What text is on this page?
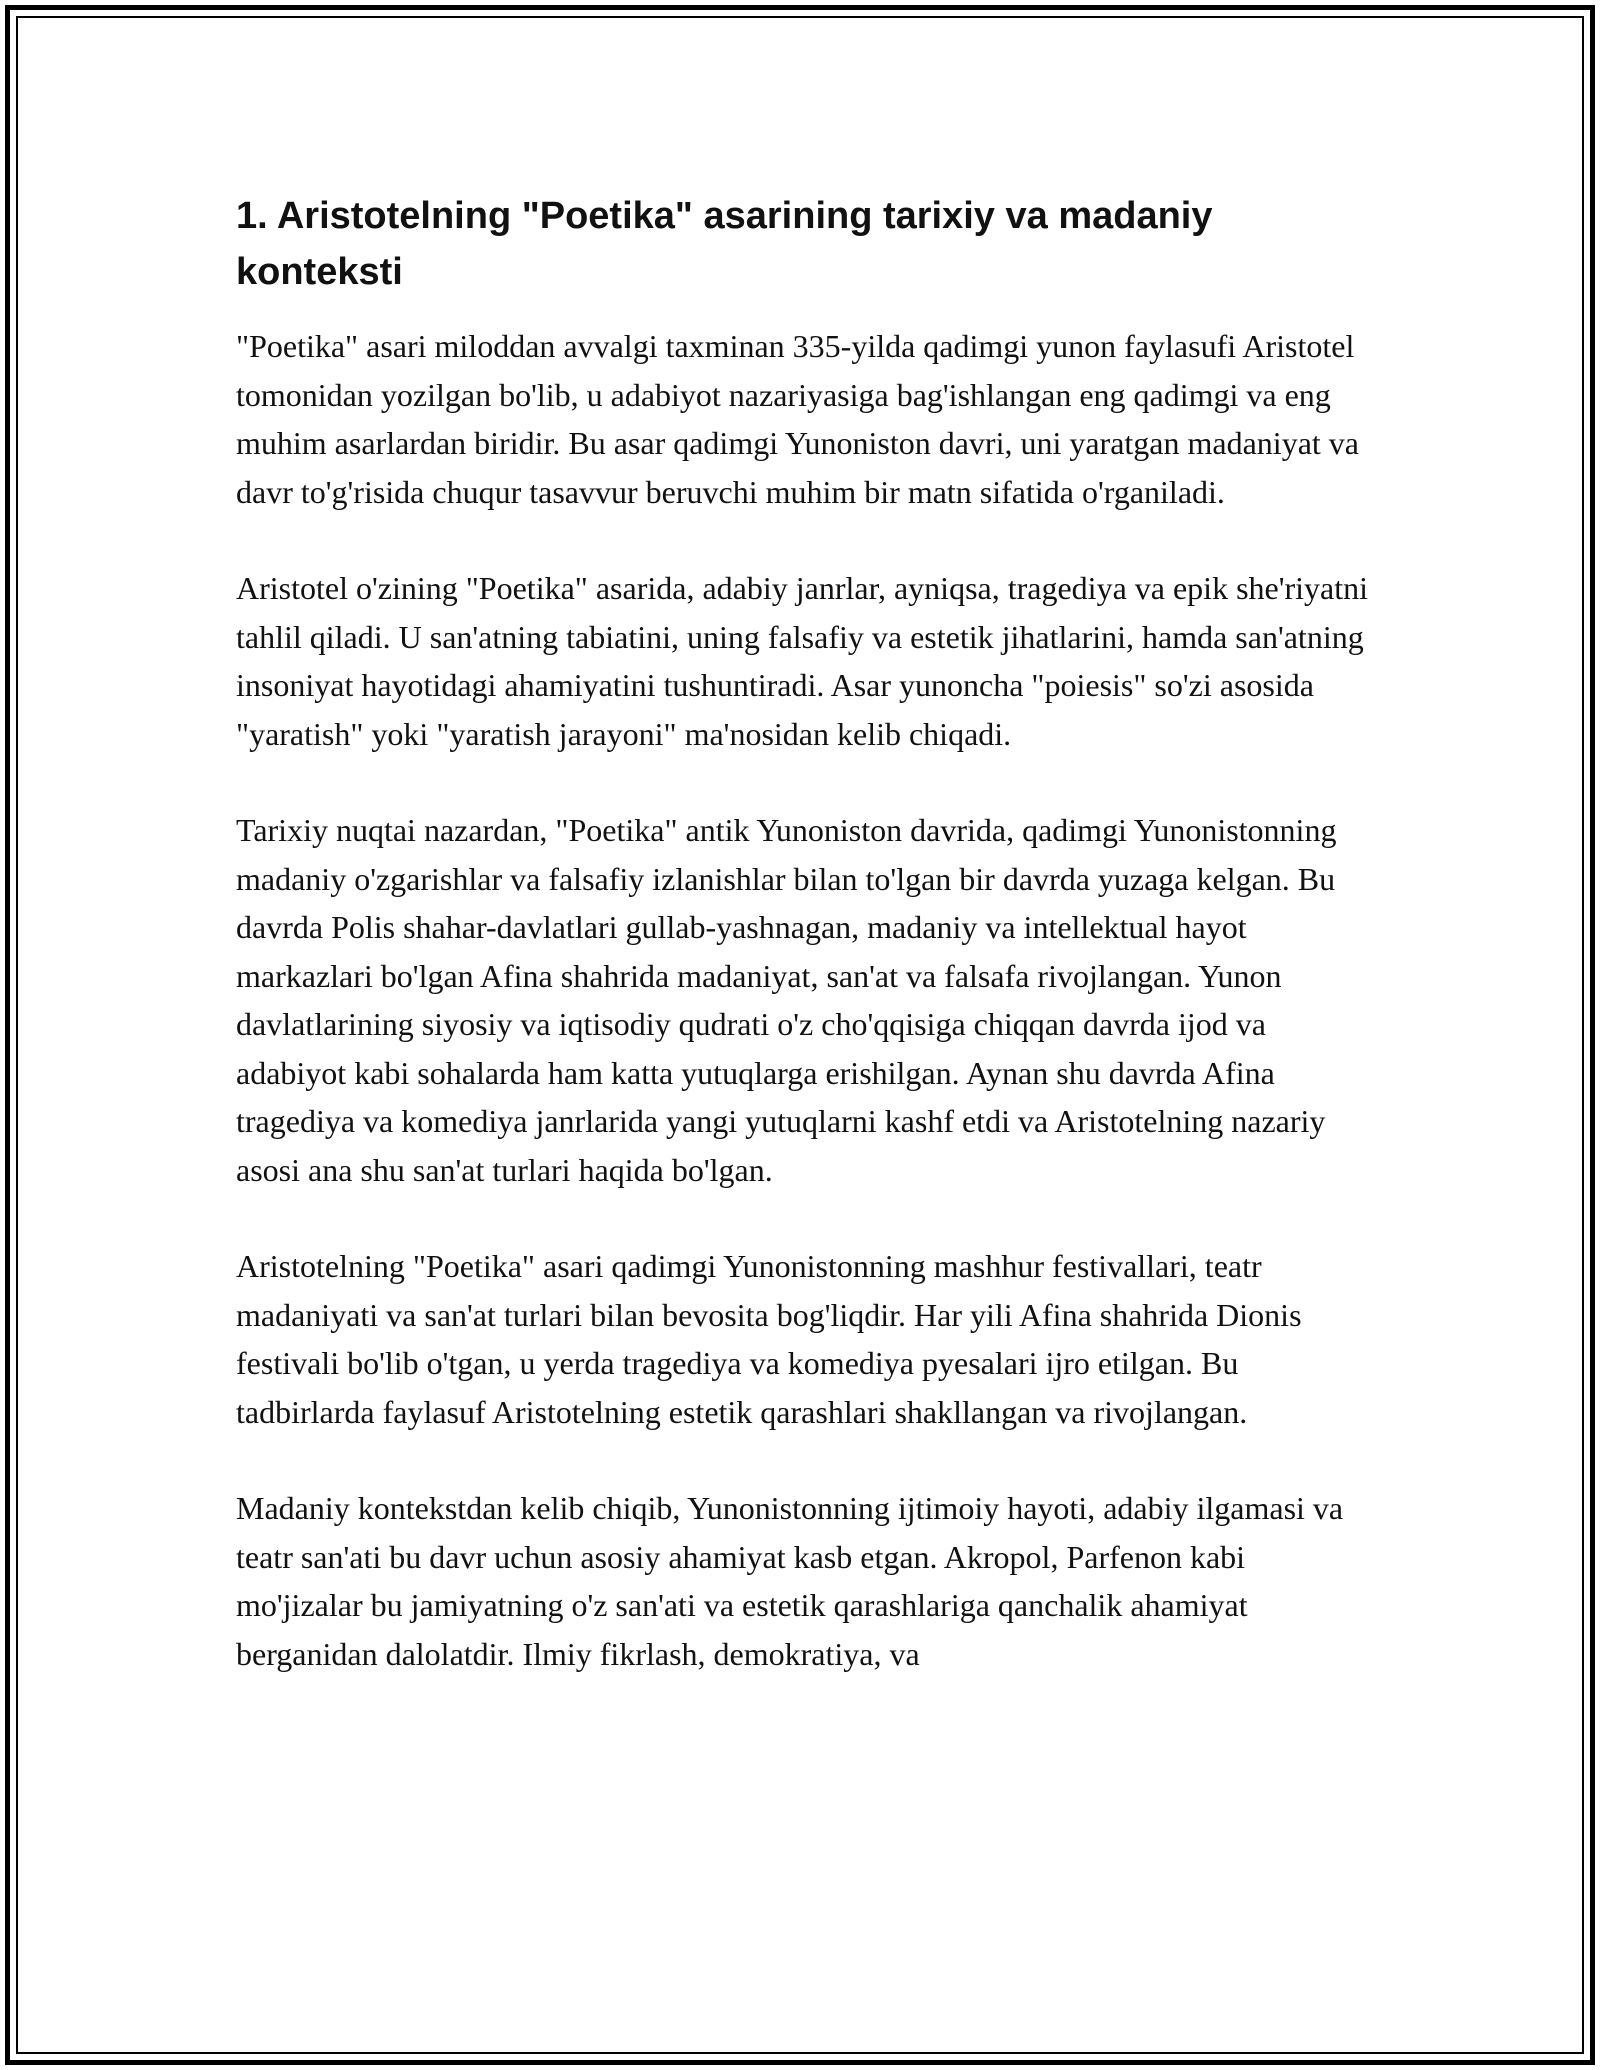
1. Aristotelning "Poetika" asarining tarixiy va madaniy konteksti

"Poetika" asari miloddan avvalgi taxminan 335-yilda qadimgi yunon faylasufi Aristotel tomonidan yozilgan bo'lib, u adabiyot nazariyasiga bag'ishlangan eng qadimgi va eng muhim asarlardan biridir. Bu asar qadimgi Yunoniston davri, uni yaratgan madaniyat va davr to'g'risida chuqur tasavvur beruvchi muhim bir matn sifatida o'rganiladi.

Aristotel o'zining "Poetika" asarida, adabiy janrlar, ayniqsa, tragediya va epik she'riyatni tahlil qiladi. U san'atning tabiatini, uning falsafiy va estetik jihatlarini, hamda san'atning insoniyat hayotidagi ahamiyatini tushuntiradi. Asar yunoncha "poiesis" so'zi asosida "yaratish" yoki "yaratish jarayoni" ma'nosidan kelib chiqadi.

Tarixiy nuqtai nazardan, "Poetika" antik Yunoniston davrida, qadimgi Yunonistonning madaniy o'zgarishlar va falsafiy izlanishlar bilan to'lgan bir davrda yuzaga kelgan. Bu davrda Polis shahar-davlatlari gullab-yashnagan, madaniy va intellektual hayot markazlari bo'lgan Afina shahrida madaniyat, san'at va falsafa rivojlangan. Yunon davlatlarining siyosiy va iqtisodiy qudrati o'z cho'qqisiga chiqqan davrda ijod va adabiyot kabi sohalarda ham katta yutuqlarga erishilgan. Aynan shu davrda Afina tragediya va komediya janrlarida yangi yutuqlarni kashf etdi va Aristotelning nazariy asosi ana shu san'at turlari haqida bo'lgan.

Aristotelning "Poetika" asari qadimgi Yunonistonning mashhur festivallari, teatr madaniyati va san'at turlari bilan bevosita bog'liqdir. Har yili Afina shahrida Dionis festivali bo'lib o'tgan, u yerda tragediya va komediya pyesalari ijro etilgan. Bu tadbirlarda faylasuf Aristotelning estetik qarashlari shakllangan va rivojlangan.

Madaniy kontekstdan kelib chiqib, Yunonistonning ijtimoiy hayoti, adabiy ilgamasi va teatr san'ati bu davr uchun asosiy ahamiyat kasb etgan. Akropol, Parfenon kabi mo'jizalar bu jamiyatning o'z san'ati va estetik qarashlariga qanchalik ahamiyat berganidan dalolatdir. Ilmiy fikrlash, demokratiya, va
